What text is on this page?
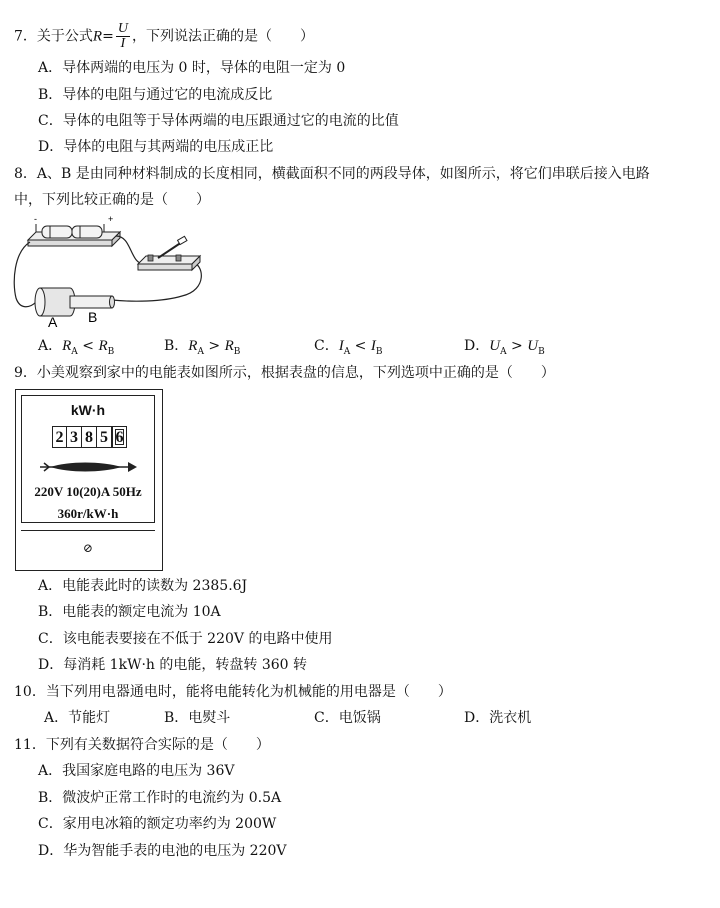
7．关于公式$R= \frac{U}{I}$ ，下列说法正确的是（　　）
A．导体两端的电压为 0 时，导体的电阻一定为 0
B．导体的电阻与通过它的电流成反比
C．导体的电阻等于导体两端的电压跟通过它的电流的比值
D．导体的电阻与其两端的电压成正比
8．A、B 是由同种材料制成的长度相同，横截面积不同的两段导体，如图所示，将它们串联后接入电路
中，下列比较正确的是（　　）
-	+
A B
A．$R_A < R_B$	B．$R_A > R_B$	C．$I_A < I_B$	D．$U_A > U_B$
9．小美观察到家中的电能表如图所示，根据表盘的信息，下列选项中正确的是（　　）
kW·h
2 3 8 5 6
220V 10(20)A 50Hz
360r/kW·h
⊘
A．电能表此时的读数为 2385.6J
B．电能表的额定电流为 10A
C．该电能表要接在不低于 220V 的电路中使用
D．每消耗 1kW·h 的电能，转盘转 360 转
10．当下列用电器通电时，能将电能转化为机械能的用电器是（　　）
A．节能灯	B．电熨斗	C．电饭锅	D．洗衣机
11．下列有关数据符合实际的是（　　）
A．我国家庭电路的电压为 36V
B．微波炉正常工作时的电流约为 0.5A
C．家用电冰箱的额定功率约为 200W
D．华为智能手表的电池的电压为 220V
